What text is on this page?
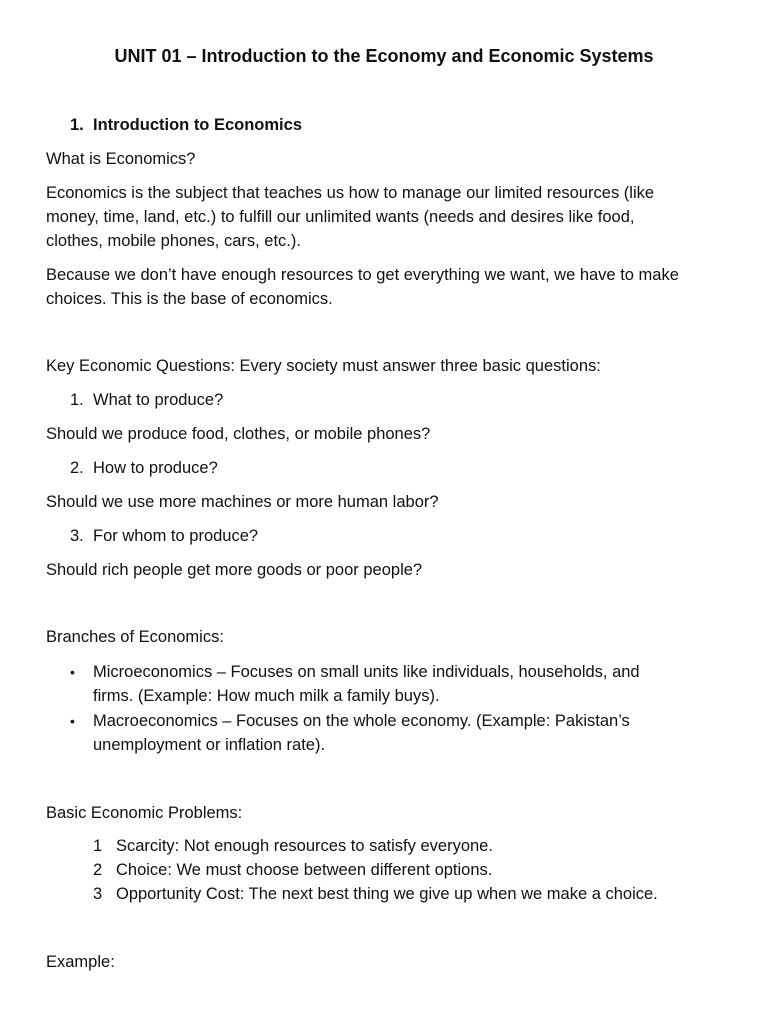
UNIT 01 – Introduction to the Economy and Economic Systems
1. Introduction to Economics
What is Economics?
Economics is the subject that teaches us how to manage our limited resources (like
money, time, land, etc.) to fulfill our unlimited wants (needs and desires like food,
clothes, mobile phones, cars, etc.).
Because we don’t have enough resources to get everything we want, we have to make
choices. This is the base of economics.
Key Economic Questions: Every society must answer three basic questions:
1. What to produce?
Should we produce food, clothes, or mobile phones?
2. How to produce?
Should we use more machines or more human labor?
3. For whom to produce?
Should rich people get more goods or poor people?
Branches of Economics:
• Microeconomics – Focuses on small units like individuals, households, and
firms. (Example: How much milk a family buys).
• Macroeconomics – Focuses on the whole economy. (Example: Pakistan’s
unemployment or inflation rate).
Basic Economic Problems:
1 Scarcity: Not enough resources to satisfy everyone.
2 Choice: We must choose between different options.
3 Opportunity Cost: The next best thing we give up when we make a choice.
Example:
